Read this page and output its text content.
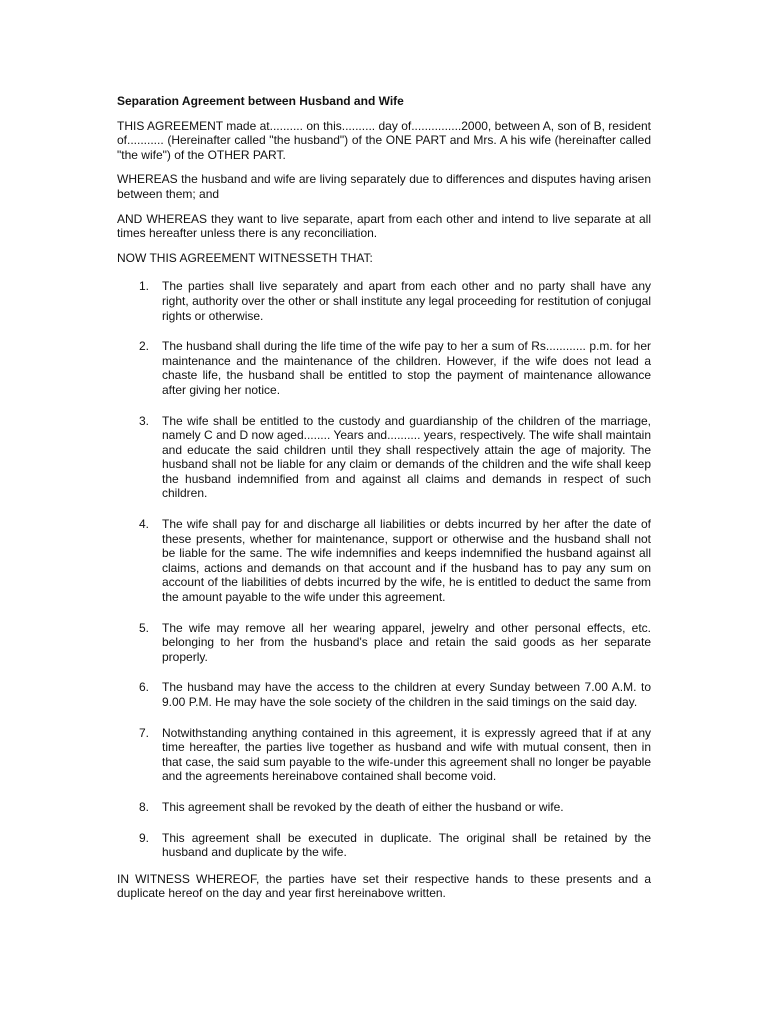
Separation Agreement between Husband and Wife
THIS AGREEMENT made at.......... on this.......... day of...............2000, between A, son of B, resident of........... (Hereinafter called "the husband") of the ONE PART and Mrs. A his wife (hereinafter called "the wife") of the OTHER PART.
WHEREAS the husband and wife are living separately due to differences and disputes having arisen between them; and
AND WHEREAS they want to live separate, apart from each other and intend to live separate at all times hereafter unless there is any reconciliation.
NOW THIS AGREEMENT WITNESSETH THAT:
1. The parties shall live separately and apart from each other and no party shall have any right, authority over the other or shall institute any legal proceeding for restitution of conjugal rights or otherwise.
2. The husband shall during the life time of the wife pay to her a sum of Rs............ p.m. for her maintenance and the maintenance of the children. However, if the wife does not lead a chaste life, the husband shall be entitled to stop the payment of maintenance allowance after giving her notice.
3. The wife shall be entitled to the custody and guardianship of the children of the marriage, namely C and D now aged........ Years and.......... years, respectively. The wife shall maintain and educate the said children until they shall respectively attain the age of majority. The husband shall not be liable for any claim or demands of the children and the wife shall keep the husband indemnified from and against all claims and demands in respect of such children.
4. The wife shall pay for and discharge all liabilities or debts incurred by her after the date of these presents, whether for maintenance, support or otherwise and the husband shall not be liable for the same. The wife indemnifies and keeps indemnified the husband against all claims, actions and demands on that account and if the husband has to pay any sum on account of the liabilities of debts incurred by the wife, he is entitled to deduct the same from the amount payable to the wife under this agreement.
5. The wife may remove all her wearing apparel, jewelry and other personal effects, etc. belonging to her from the husband's place and retain the said goods as her separate properly.
6. The husband may have the access to the children at every Sunday between 7.00 A.M. to 9.00 P.M. He may have the sole society of the children in the said timings on the said day.
7. Notwithstanding anything contained in this agreement, it is expressly agreed that if at any time hereafter, the parties live together as husband and wife with mutual consent, then in that case, the said sum payable to the wife-under this agreement shall no longer be payable and the agreements hereinabove contained shall become void.
8. This agreement shall be revoked by the death of either the husband or wife.
9. This agreement shall be executed in duplicate. The original shall be retained by the husband and duplicate by the wife.
IN WITNESS WHEREOF, the parties have set their respective hands to these presents and a duplicate hereof on the day and year first hereinabove written.
